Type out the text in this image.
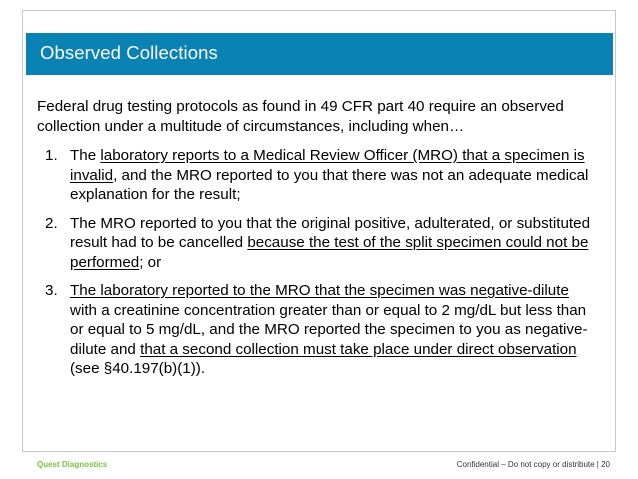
Observed Collections

Federal drug testing protocols as found in 49 CFR part 40 require an observed collection under a multitude of circumstances, including when…

1. The laboratory reports to a Medical Review Officer (MRO) that a specimen is invalid, and the MRO reported to you that there was not an adequate medical explanation for the result;
2. The MRO reported to you that the original positive, adulterated, or substituted result had to be cancelled because the test of the split specimen could not be performed; or
3. The laboratory reported to the MRO that the specimen was negative-dilute with a creatinine concentration greater than or equal to 2 mg/dL but less than or equal to 5 mg/dL, and the MRO reported the specimen to you as negative-dilute and that a second collection must take place under direct observation (see §40.197(b)(1)).
Quest Diagnostics	Confidential – Do not copy or distribute | 20
